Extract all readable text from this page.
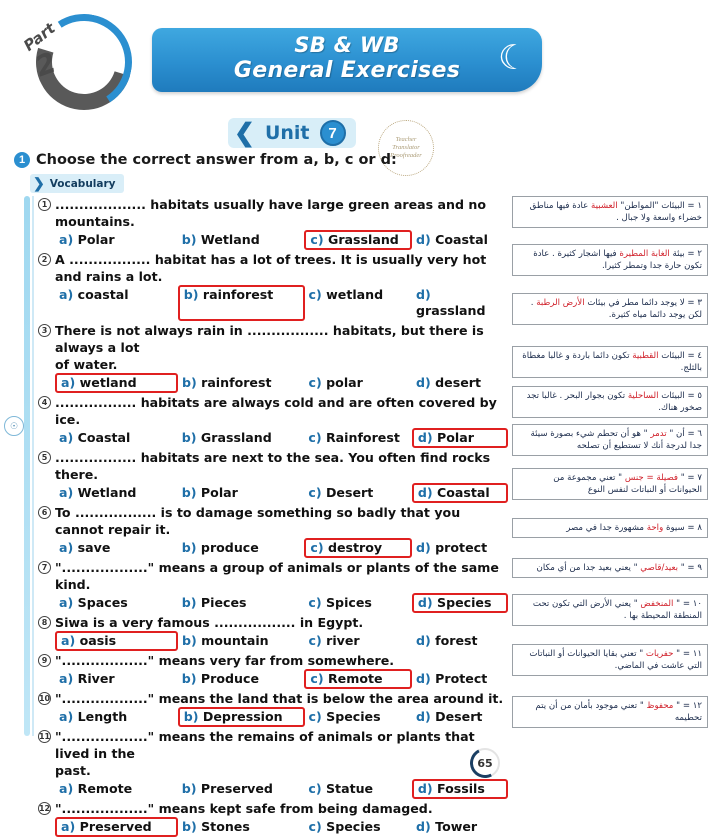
Part
2
SB & WB
General Exercises	☾
❮ Unit	7	Teacher
Translator
Proofreader
1 Choose the correct answer from a, b, c or d:
❯ Vocabulary
☉
1 ................... habitats usually have large green areas and no mountains.
a) Polar	b) Wetland	c) Grassland	d) Coastal
2 A ................. habitat has a lot of trees. It is usually very hot and rains a lot.
a) coastal	b) rainforest	c) wetland	d) grassland
3 There is not always rain in ................. habitats, but there is always a lot
of water.
a) wetland	b) rainforest	c) polar	d) desert
4 ................. habitats are always cold and are often covered by ice.
a) Coastal	b) Grassland	c) Rainforest	d) Polar
5 ................. habitats are next to the sea. You often find rocks there.
a) Wetland	b) Polar	c) Desert	d) Coastal
6 To ................. is to damage something so badly that you cannot repair it.
a) save	b) produce	c) destroy	d) protect
7 ".................." means a group of animals or plants of the same kind.
a) Spaces	b) Pieces	c) Spices	d) Species
8 Siwa is a very famous ................. in Egypt.
a) oasis	b) mountain	c) river	d) forest
9 ".................." means very far from somewhere.
a) River	b) Produce	c) Remote	d) Protect
10 ".................." means the land that is below the area around it.
a) Length	b) Depression	c) Species	d) Desert
11 ".................." means the remains of animals or plants that lived in the
past.
a) Remote	b) Preserved	c) Statue	d) Fossils
12 ".................." means kept safe from being damaged.
a) Preserved	b) Stones	c) Species	d) Tower
١ = البيئات "المواطن" العشبية عادة فيها مناطق خضراء واسعة ولا جبال .
٢ = بيئة الغابة المطيرة فيها اشجار كثيرة . عادة تكون حارة جدا وتمطر كثيرا.
٣ = لا يوجد دائما مطر في بيئات الأرض الرطبة . لكن يوجد دائما مياه كثيرة.
٤ = البيئات القطبية تكون دائما باردة و غالبا مغطاة بالثلج.
٥ = البيئات الساحلية تكون بجوار البحر . غالبا تجد صخور هناك.
٦ = أن " تدمر " هو أن تحطم شيء بصورة سيئة جدا لدرجة أنك لا تستطيع أن تصلحه
٧ = " فصيلة = جنس " تعني مجموعة من الحيوانات أو النباتات لنفس النوع
٨ = سيوة واحة مشهورة جدا في مصر
٩ = " بعيد/قاصي " يعني بعيد جدا من أي مكان
١٠ = " المنخفض " يعني الأرض التي تكون تحت المنطقة المحيطة بها .
١١ = " حفريات " تعني بقايا الحيوانات أو النباتات التي عاشت في الماضي.
١٢ = " محفوظ " تعني موجود بأمان من أن يتم تحطيمه
65
